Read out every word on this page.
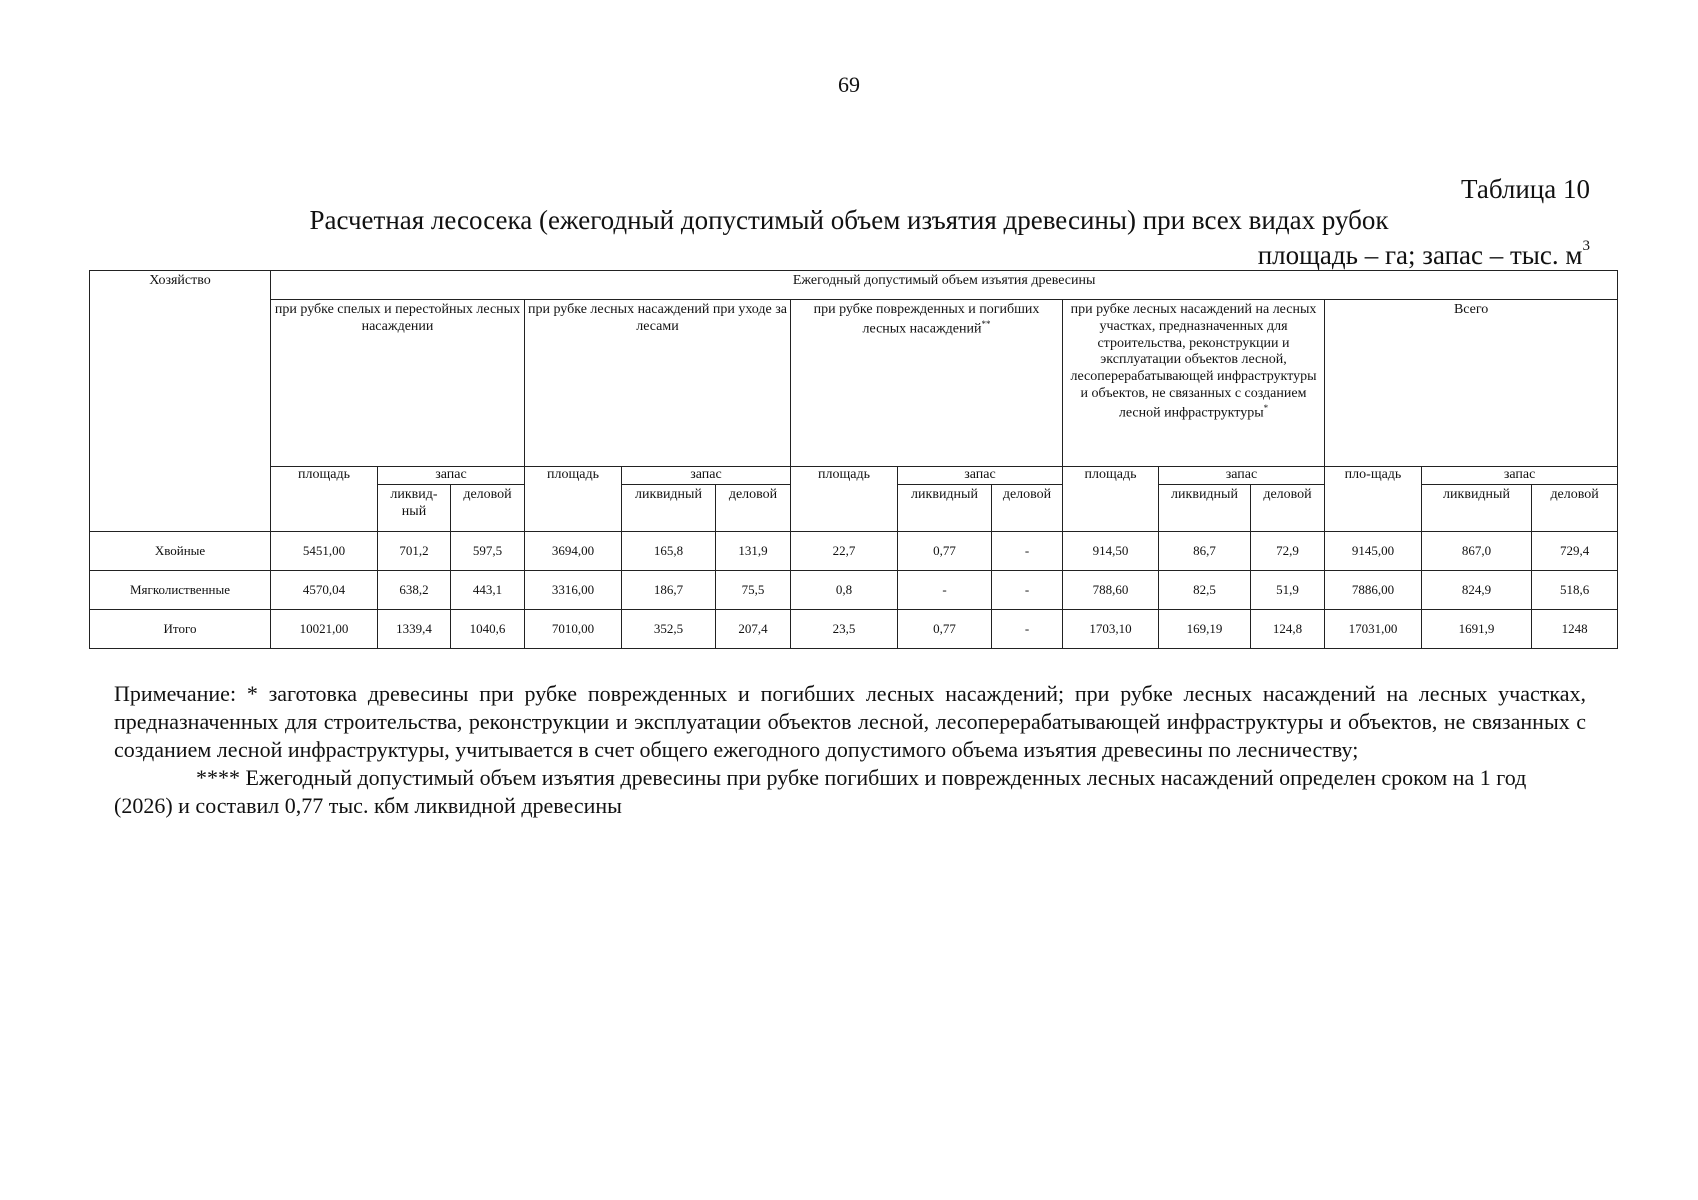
69
Таблица 10
Расчетная лесосека (ежегодный допустимый объем изъятия древесины) при всех видах рубок
площадь – га; запас – тыс. $м^3$
Хозяйство	Ежегодный допустимый объем изъятия древесины														
	при рубке спелых и перестойных лесных насаждении			при рубке лесных насаждений при уходе за лесами			при рубке поврежденных и погибших лесных насаждений**			при рубке лесных насаждений на лесных участках, предназначенных для строительства, реконструкции и эксплуатации объектов лесной, лесоперерабатывающей инфраструктуры и объектов, не связанных с созданием лесной инфраструктуры*			Всего		
	площадь	запас		площадь	запас		площадь	запас		площадь	запас		пло-щадь	запас	
		ликвид-ный	деловой		ликвидный	деловой		ликвидный	деловой		ликвидный	деловой		ликвидный	деловой
Хвойные	5451,00	701,2	597,5	3694,00	165,8	131,9	22,7	0,77	-	914,50	86,7	72,9	9145,00	867,0	729,4
Мягколиственные	4570,04	638,2	443,1	3316,00	186,7	75,5	0,8	-	-	788,60	82,5	51,9	7886,00	824,9	518,6
Итого	10021,00	1339,4	1040,6	7010,00	352,5	207,4	23,5	0,77	-	1703,10	169,19	124,8	17031,00	1691,9	1248

Примечание: * заготовка древесины при рубке поврежденных и погибших лесных насаждений; при рубке лесных насаждений на лесных участках, предназначенных для строительства, реконструкции и эксплуатации объектов лесной, лесоперерабатывающей инфраструктуры и объектов, не связанных с созданием лесной инфраструктуры, учитывается в счет общего ежегодного допустимого объема изъятия древесины по лесничеству;

**** Ежегодный допустимый объем изъятия древесины при рубке погибших и поврежденных лесных насаждений определен сроком на 1 год (2026) и составил 0,77 тыс. кбм ликвидной древесины
